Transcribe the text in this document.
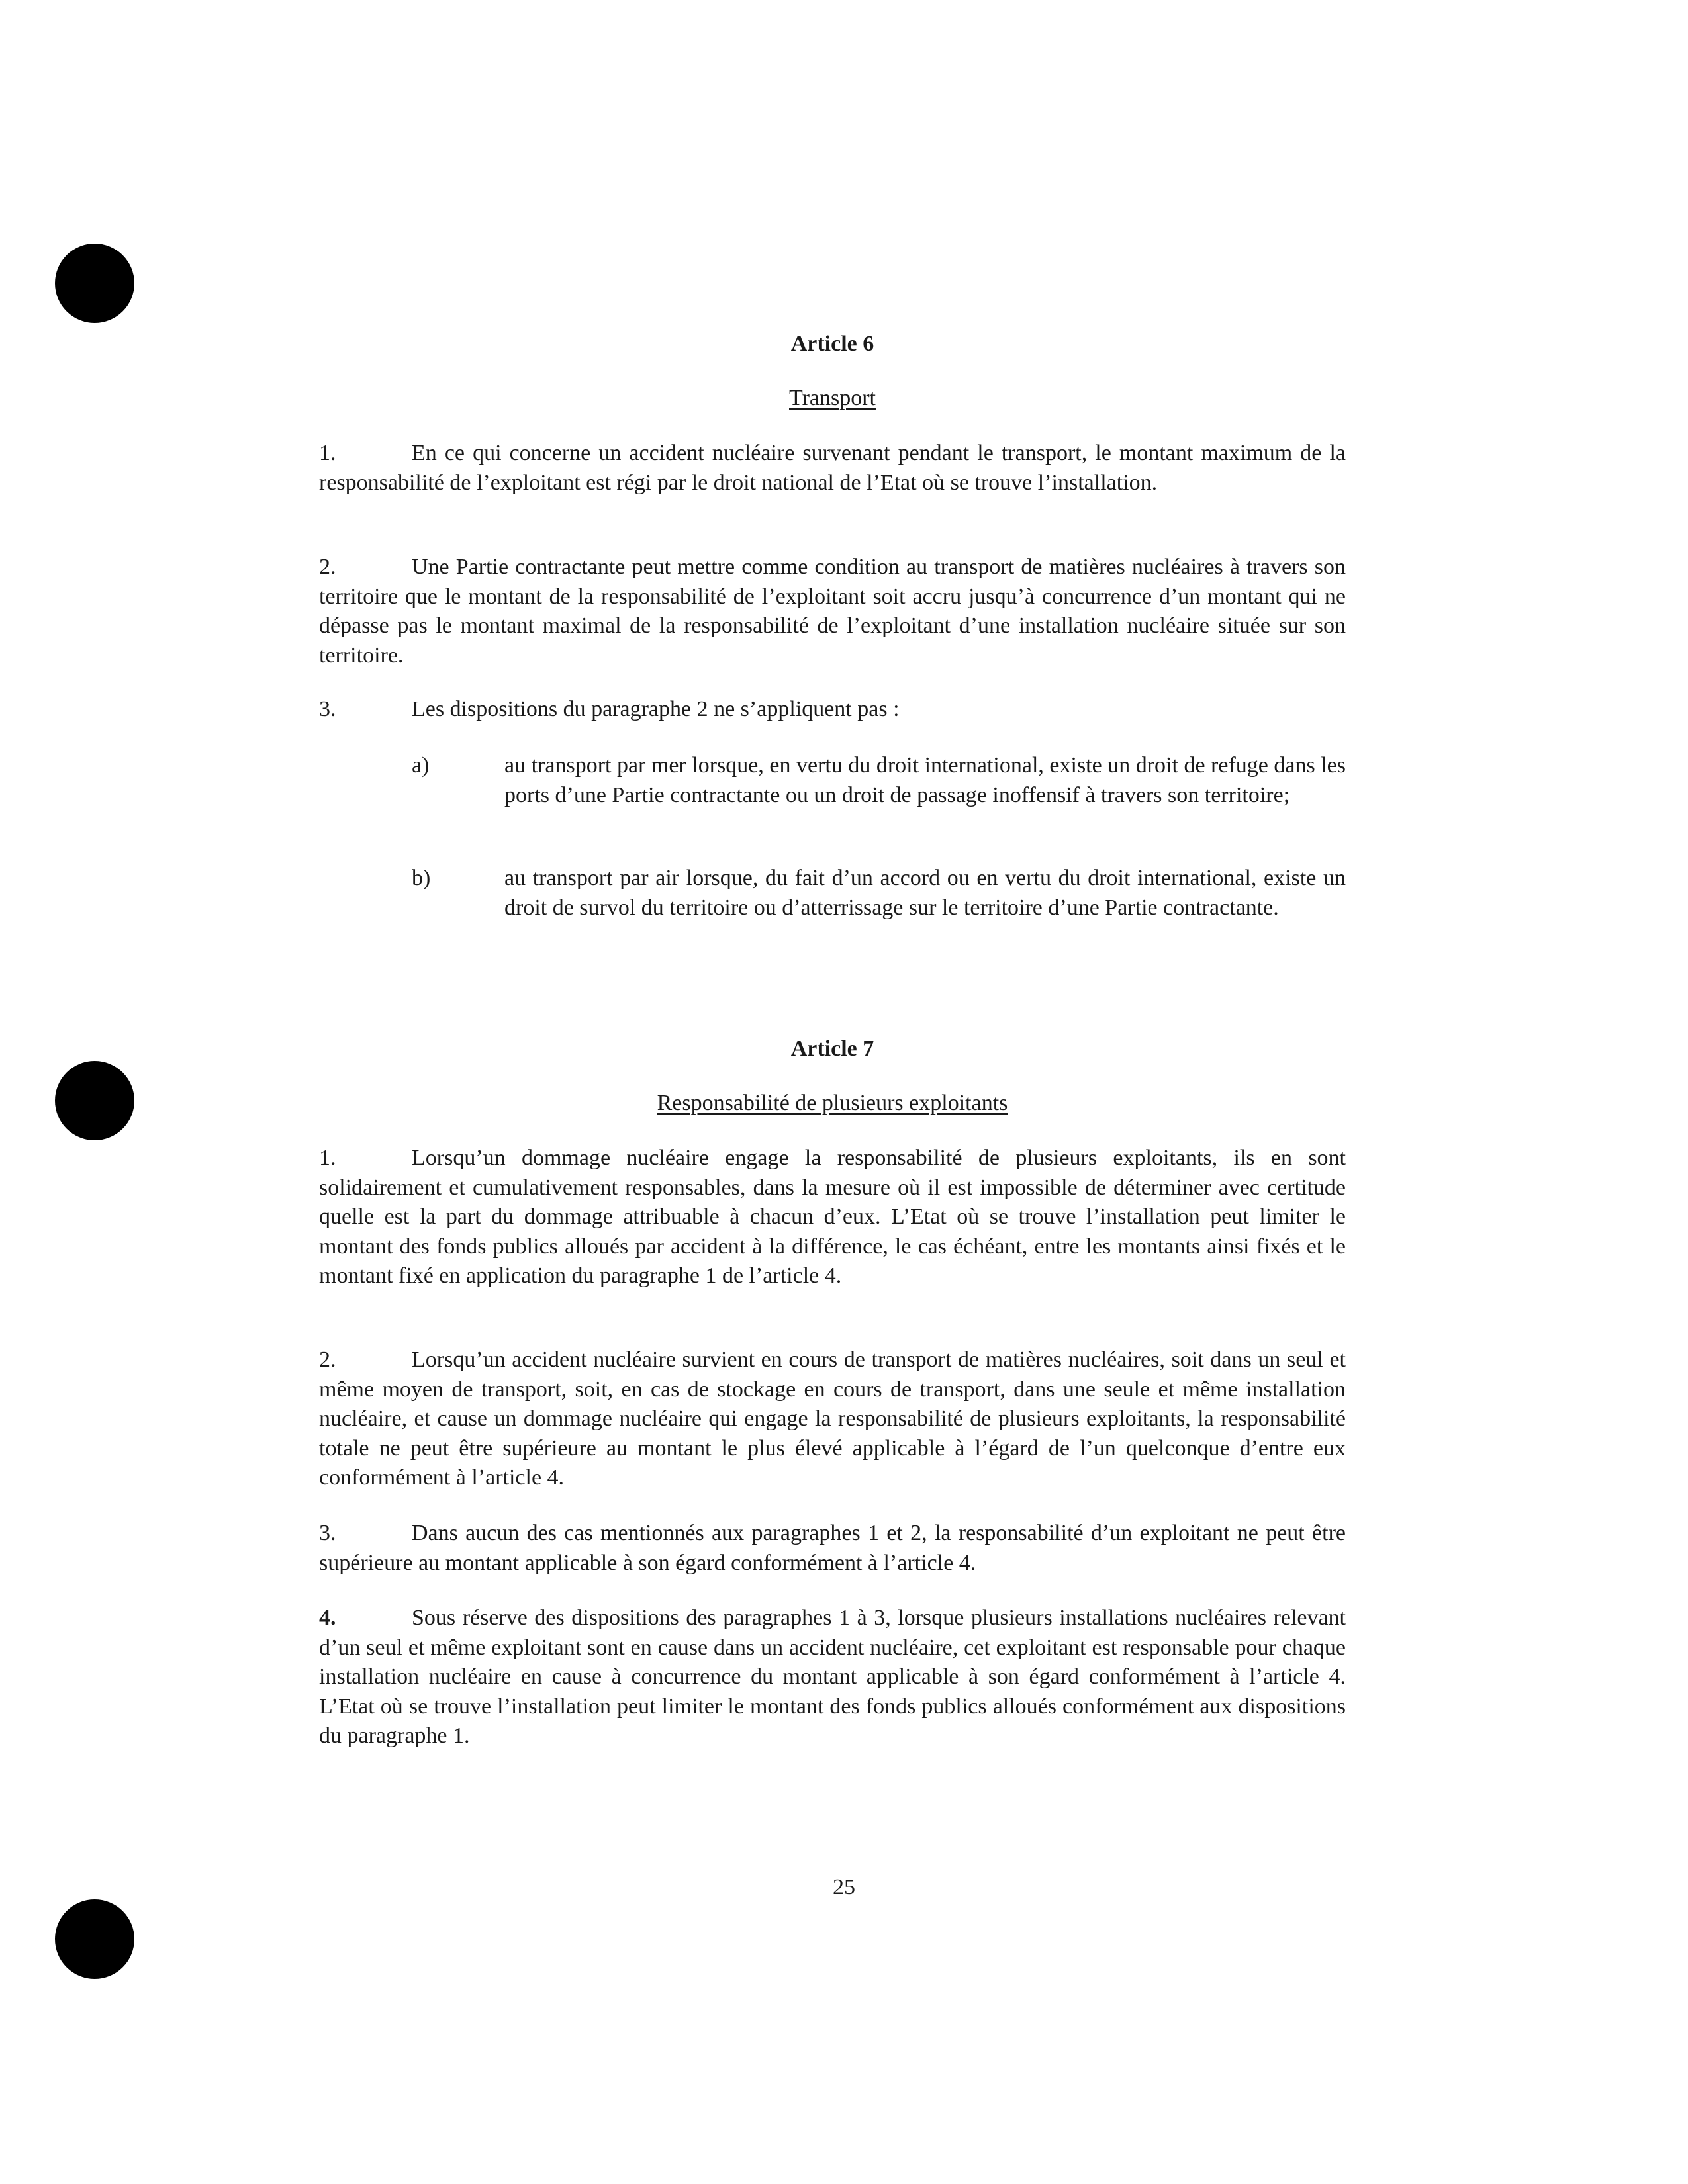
Article 6
Transport
1.	En ce qui concerne un accident nucléaire survenant pendant le transport, le montant maximum de la responsabilité de l’exploitant est régi par le droit national de l’Etat où se trouve l’installation.
2.	Une Partie contractante peut mettre comme condition au transport de matières nucléaires à travers son territoire que le montant de la responsabilité de l’exploitant soit accru jusqu’à concurrence d’un montant qui ne dépasse pas le montant maximal de la responsabilité de l’exploitant d’une installation nucléaire située sur son territoire.
3.	Les dispositions du paragraphe 2 ne s’appliquent pas :
a)	au transport par mer lorsque, en vertu du droit international, existe un droit de refuge dans les ports d’une Partie contractante ou un droit de passage inoffensif à travers son territoire;
b)	au transport par air lorsque, du fait d’un accord ou en vertu du droit international, existe un droit de survol du territoire ou d’atterrissage sur le territoire d’une Partie contractante.
Article 7
Responsabilité de plusieurs exploitants
1.	Lorsqu’un dommage nucléaire engage la responsabilité de plusieurs exploitants, ils en sont solidairement et cumulativement responsables, dans la mesure où il est impossible de déterminer avec certitude quelle est la part du dommage attribuable à chacun d’eux. L’Etat où se trouve l’installation peut limiter le montant des fonds publics alloués par accident à la différence, le cas échéant, entre les montants ainsi fixés et le montant fixé en application du paragraphe 1 de l’article 4.
2.	Lorsqu’un accident nucléaire survient en cours de transport de matières nucléaires, soit dans un seul et même moyen de transport, soit, en cas de stockage en cours de transport, dans une seule et même installation nucléaire, et cause un dommage nucléaire qui engage la responsabilité de plusieurs exploitants, la responsabilité totale ne peut être supérieure au montant le plus élevé applicable à l’égard de l’un quelconque d’entre eux conformément à l’article 4.
3.	Dans aucun des cas mentionnés aux paragraphes 1 et 2, la responsabilité d’un exploitant ne peut être supérieure au montant applicable à son égard conformément à l’article 4.
4.	Sous réserve des dispositions des paragraphes 1 à 3, lorsque plusieurs installations nucléaires relevant d’un seul et même exploitant sont en cause dans un accident nucléaire, cet exploitant est responsable pour chaque installation nucléaire en cause à concurrence du montant applicable à son égard conformément à l’article 4. L’Etat où se trouve l’installation peut limiter le montant des fonds publics alloués conformément aux dispositions du paragraphe 1.
25
